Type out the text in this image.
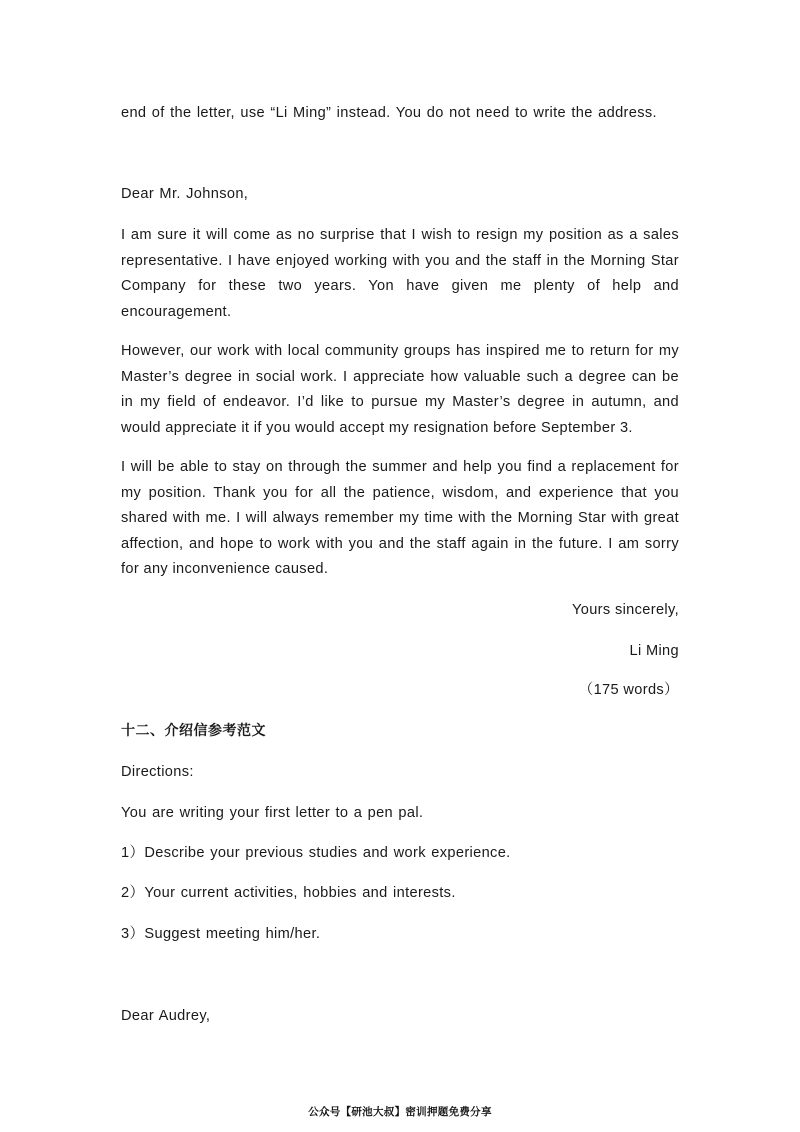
end of the letter, use “Li Ming” instead. You do not need to write the address.
Dear Mr. Johnson,

I am sure it will come as no surprise that I wish to resign my position as a sales representative. I have enjoyed working with you and the staff in the Morning Star Company for these two years. Yon have given me plenty of help and encouragement.

However, our work with local community groups has inspired me to return for my Master’s degree in social work. I appreciate how valuable such a degree can be in my field of endeavor. I’d like to pursue my Master’s degree in autumn, and would appreciate it if you would accept my resignation before September 3.

I will be able to stay on through the summer and help you find a replacement for my position. Thank you for all the patience, wisdom, and experience that you shared with me. I will always remember my time with the Morning Star with great affection, and hope to work with you and the staff again in the future. I am sorry for any inconvenience caused.

Yours sincerely,
Li Ming
（175 words）
十二、介绍信参考范文
Directions:
You are writing your first letter to a pen pal.
1）Describe your previous studies and work experience.
2）Your current activities, hobbies and interests.
3）Suggest meeting him/her.
Dear Audrey,
公众号【研池大叔】密训押题免费分享
